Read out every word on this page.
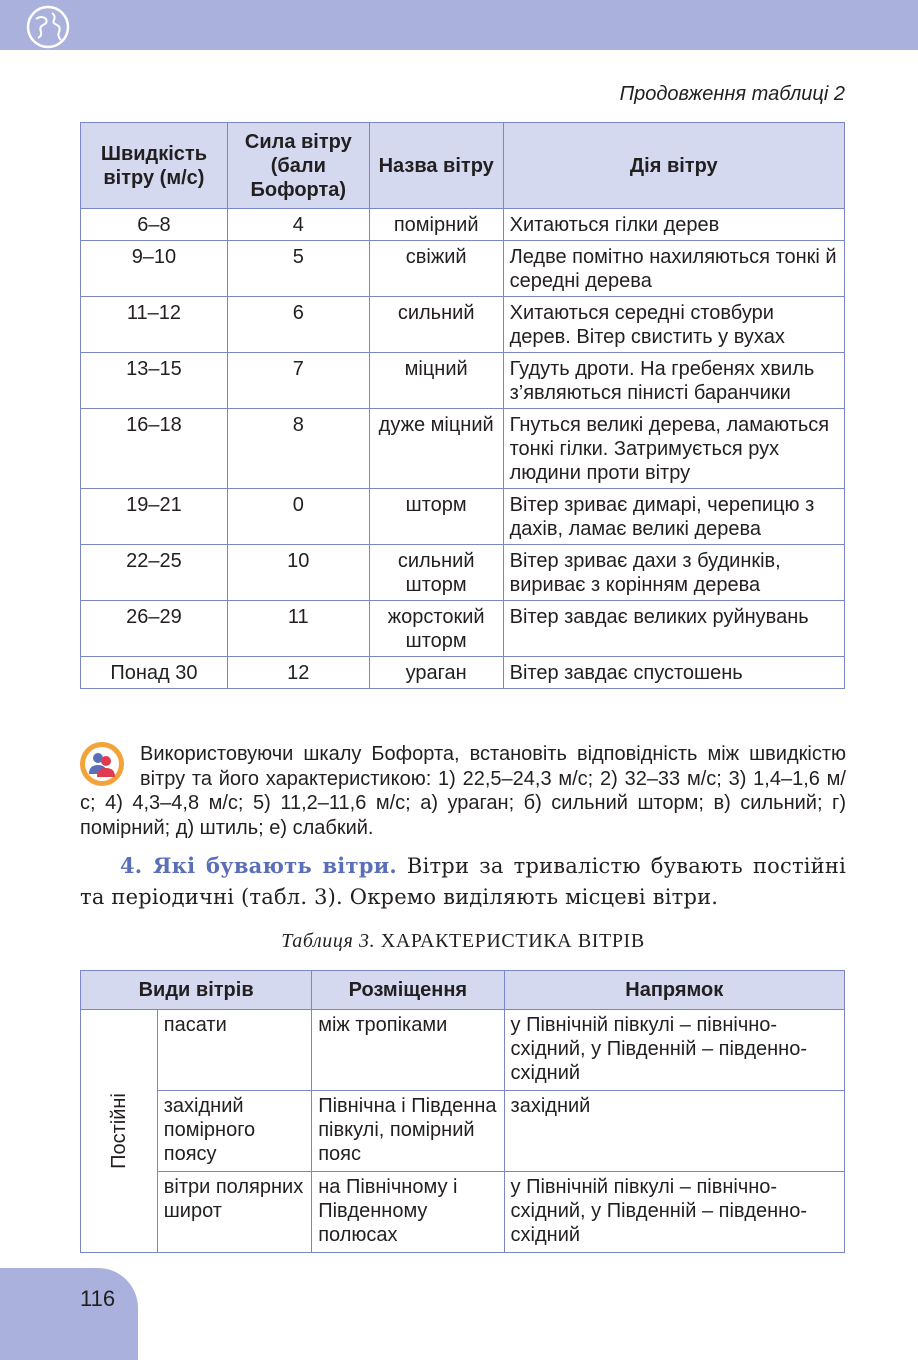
Продовження таблиці 2
Швидкість вітру (м/с)	Сила вітру (бали Бофорта)	Назва вітру	Дія вітру
6–8	4	помірний	Хитаються гілки дерев
9–10	5	свіжий	Ледве помітно нахиляються тонкі й середні дерева
11–12	6	сильний	Хитаються середні стовбури дерев. Вітер свистить у вухах
13–15	7	міцний	Гудуть дроти. На гребенях хвиль з’являються пінисті баранчики
16–18	8	дуже міцний	Гнуться великі дерева, ламаються тонкі гілки. Затримується рух людини проти вітру
19–21	0	шторм	Вітер зриває димарі, черепицю з дахів, ламає великі дерева
22–25	10	сильний шторм	Вітер зриває дахи з будинків, вириває з корінням дерева
26–29	11	жорстокий шторм	Вітер завдає великих руйнувань
Понад 30	12	ураган	Вітер завдає спустошень

Використовуючи шкалу Бофорта, встановіть відповідність між швидкістю вітру та його характеристикою: 1) 22,5–24,3 м/с; 2) 32–33 м/с; 3) 1,4–1,6 м/с; 4) 4,3–4,8 м/с; 5) 11,2–11,6 м/с; а) ураган; б) сильний шторм; в) сильний; г) помірний; д) штиль; е) слабкий.

4. Які бувають вітри. Вітри за тривалістю бувають постійні та періодичні (табл. 3). Окремо виділяють місцеві вітри.

Таблиця 3. ХАРАКТЕРИСТИКА ВІТРІВ
Види вітрів		Розміщення	Напрямок
Постійні	пасати	між тропіками	у Північній півкулі – північно-східний, у Південній – південно-східний
	західний помірного поясу	Північна і Південна півкулі, помірний пояс	західний
	вітри полярних широт	на Північному і Південному полюсах	у Північній півкулі – північно-східний, у Південній – південно-східний
116
